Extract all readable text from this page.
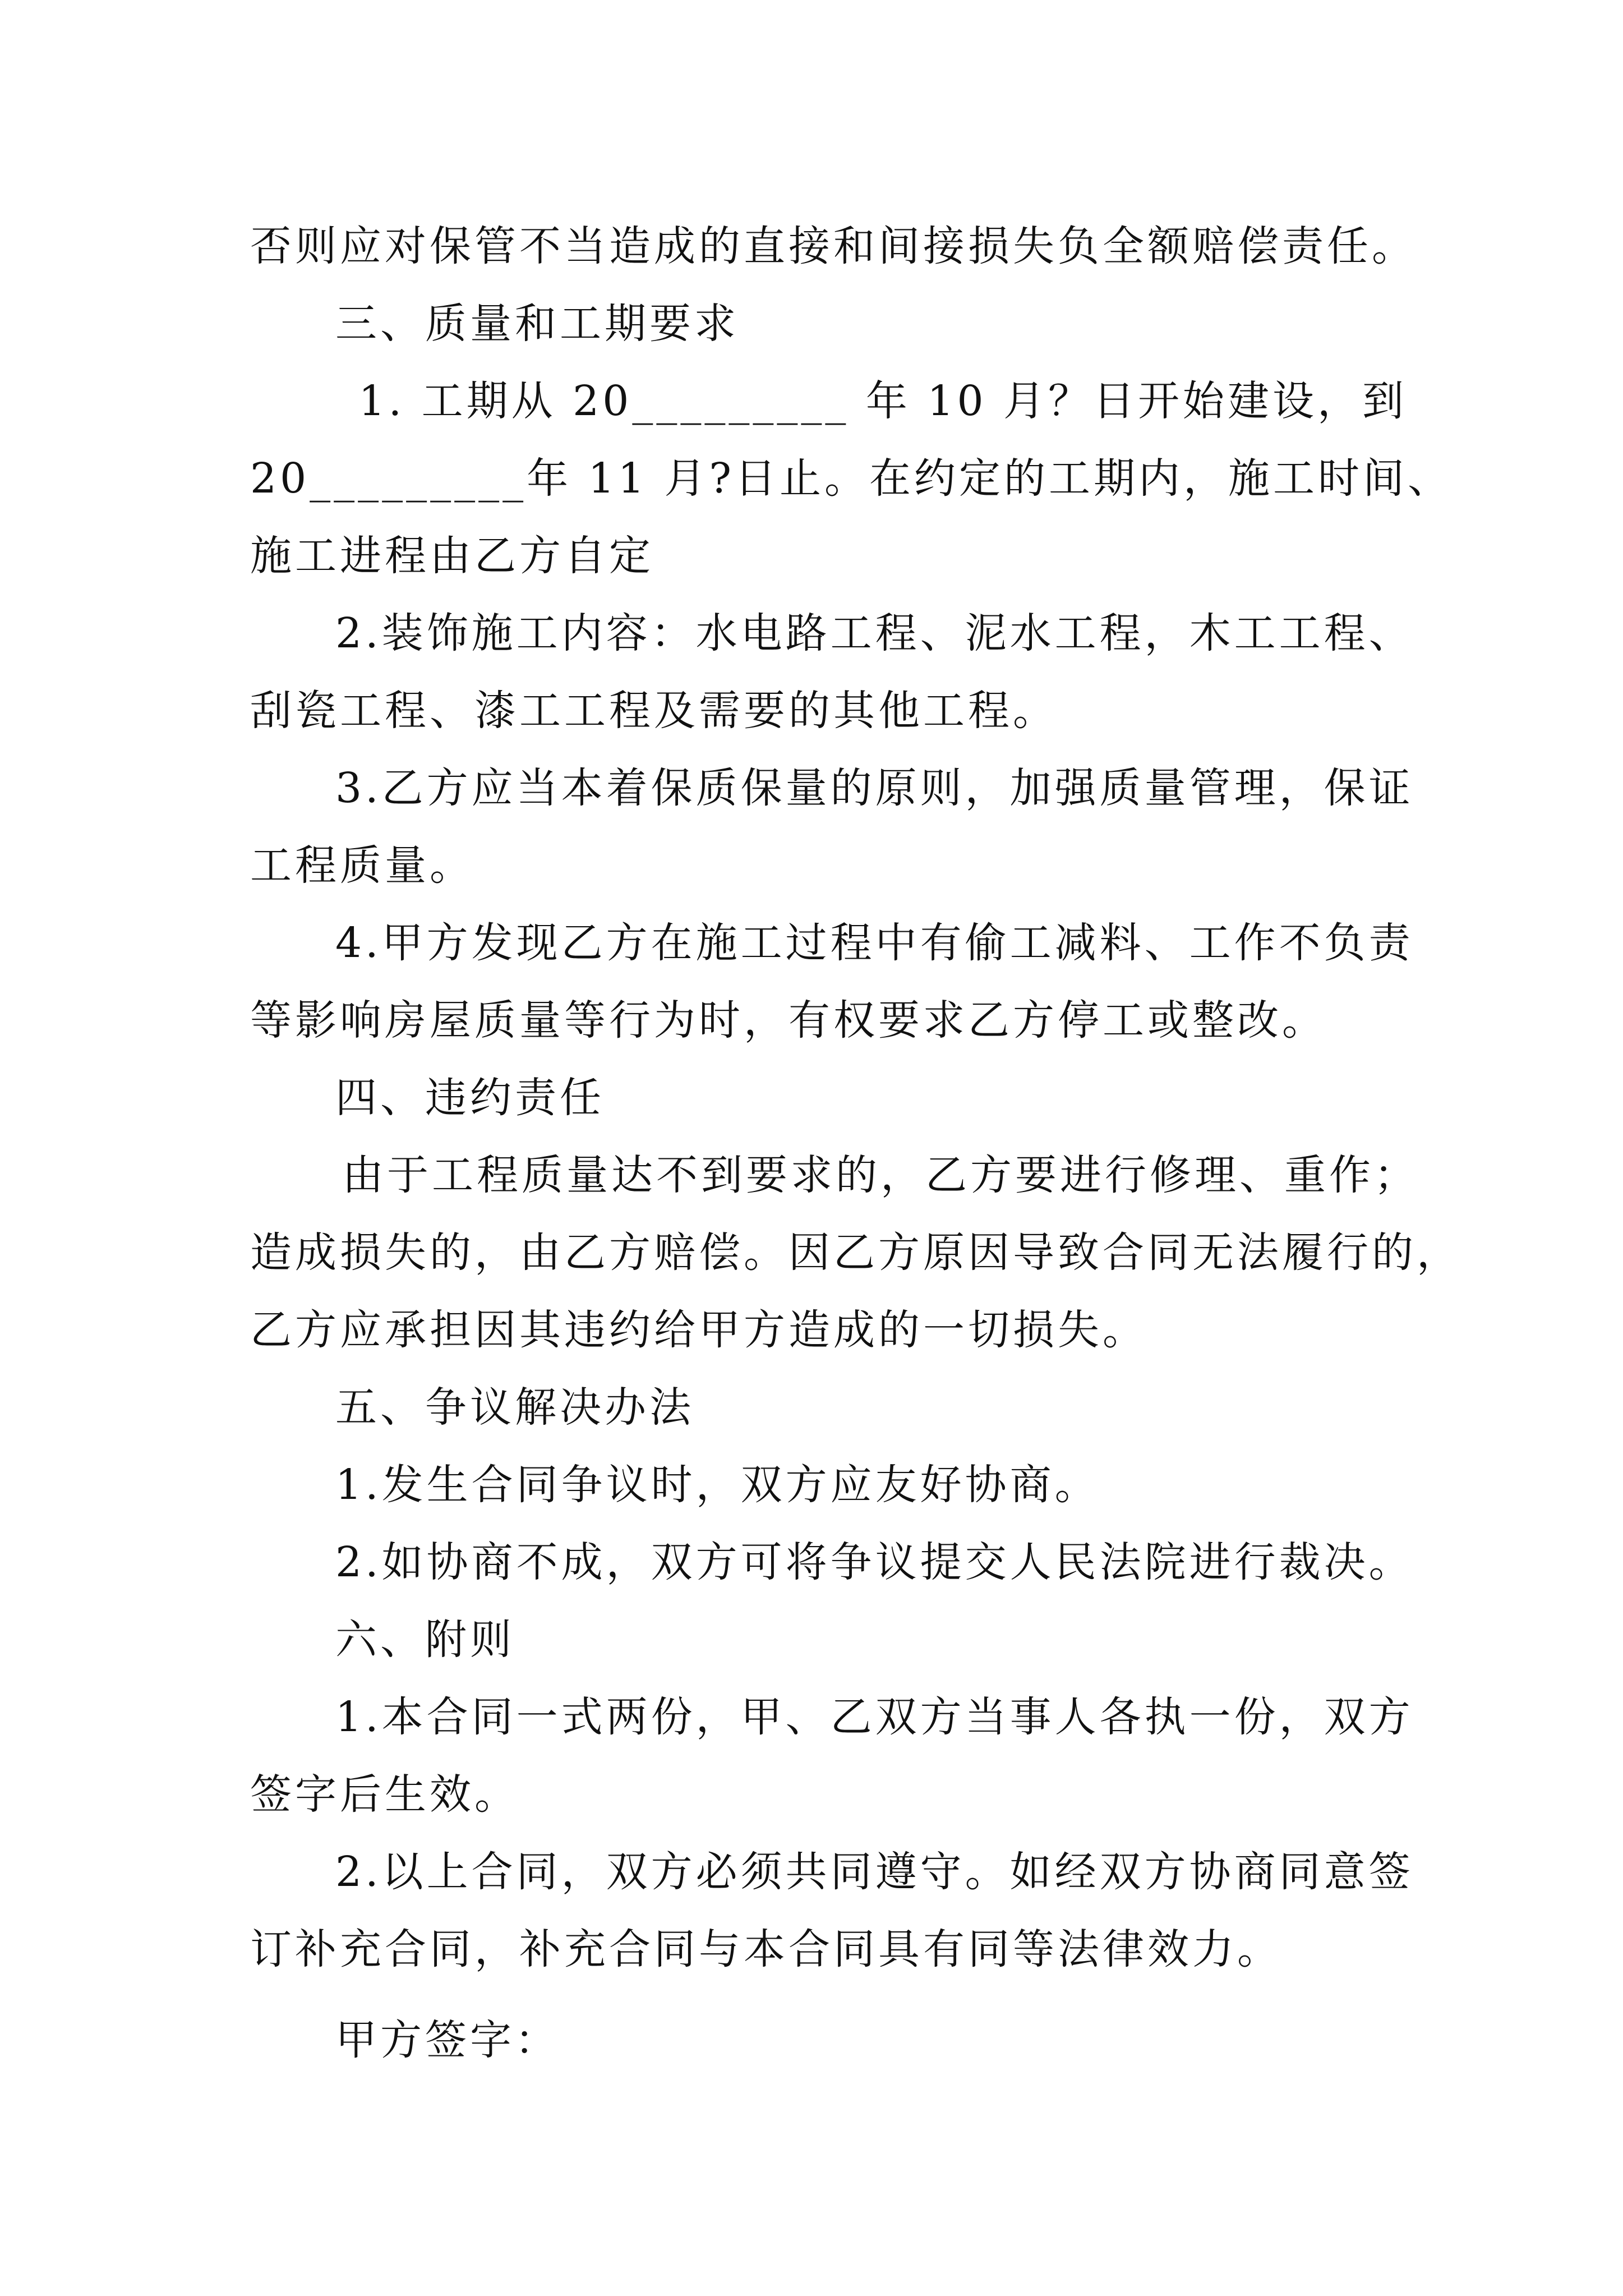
否则应对保管不当造成的直接和间接损失负全额赔偿责任。
三、质量和工期要求
1. 工期从 20_________ 年 10 月？日开始建设，到
20_________年 11 月?日止。在约定的工期内，施工时间、
施工进程由乙方自定
2.装饰施工内容：水电路工程、泥水工程，木工工程、
刮瓷工程、漆工工程及需要的其他工程。
3.乙方应当本着保质保量的原则，加强质量管理，保证
工程质量。
4.甲方发现乙方在施工过程中有偷工减料、工作不负责
等影响房屋质量等行为时，有权要求乙方停工或整改。
四、违约责任
由于工程质量达不到要求的，乙方要进行修理、重作；
造成损失的，由乙方赔偿。因乙方原因导致合同无法履行的，
乙方应承担因其违约给甲方造成的一切损失。
五、争议解决办法
1.发生合同争议时，双方应友好协商。
2.如协商不成，双方可将争议提交人民法院进行裁决。
六、附则
1.本合同一式两份，甲、乙双方当事人各执一份，双方
签字后生效。
2.以上合同，双方必须共同遵守。如经双方协商同意签
订补充合同，补充合同与本合同具有同等法律效力。
甲方签字：
